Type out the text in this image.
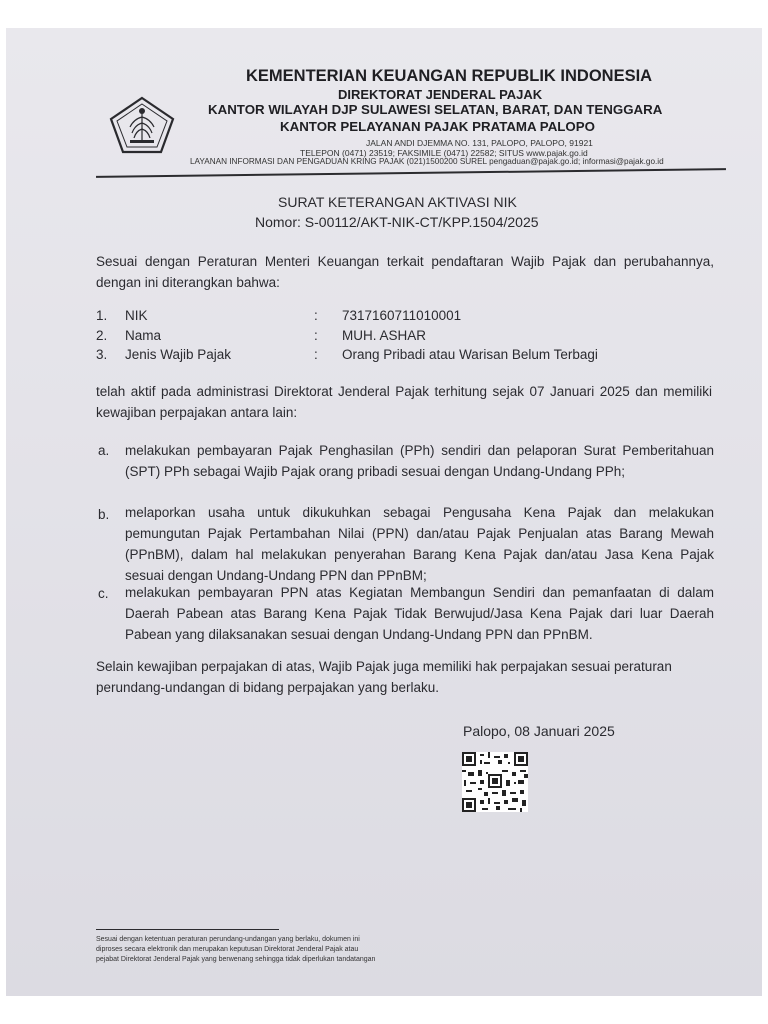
KEMENTERIAN KEUANGAN REPUBLIK INDONESIA
DIREKTORAT JENDERAL PAJAK
KANTOR WILAYAH DJP SULAWESI SELATAN, BARAT, DAN TENGGARA
KANTOR PELAYANAN PAJAK PRATAMA PALOPO
JALAN ANDI DJEMMA NO. 131, PALOPO, PALOPO, 91921
TELEPON (0471) 23519; FAKSIMILE (0471) 22582; SITUS www.pajak.go.id
LAYANAN INFORMASI DAN PENGADUAN KRING PAJAK (021)1500200 SUREL pengaduan@pajak.go.id; informasi@pajak.go.id
SURAT KETERANGAN AKTIVASI NIK
Nomor: S-00112/AKT-NIK-CT/KPP.1504/2025
Sesuai dengan Peraturan Menteri Keuangan terkait pendaftaran Wajib Pajak dan perubahannya, dengan ini diterangkan bahwa:
1. NIK	: 7317160711010001
2. Nama	: MUH. ASHAR
3. Jenis Wajib Pajak	: Orang Pribadi atau Warisan Belum Terbagi
telah aktif pada administrasi Direktorat Jenderal Pajak terhitung sejak 07 Januari 2025 dan memiliki kewajiban perpajakan antara lain:
a. melakukan pembayaran Pajak Penghasilan (PPh) sendiri dan pelaporan Surat Pemberitahuan (SPT) PPh sebagai Wajib Pajak orang pribadi sesuai dengan Undang-Undang PPh;
b. melaporkan usaha untuk dikukuhkan sebagai Pengusaha Kena Pajak dan melakukan pemungutan Pajak Pertambahan Nilai (PPN) dan/atau Pajak Penjualan atas Barang Mewah (PPnBM), dalam hal melakukan penyerahan Barang Kena Pajak dan/atau Jasa Kena Pajak sesuai dengan Undang-Undang PPN dan PPnBM;
c. melakukan pembayaran PPN atas Kegiatan Membangun Sendiri dan pemanfaatan di dalam Daerah Pabean atas Barang Kena Pajak Tidak Berwujud/Jasa Kena Pajak dari luar Daerah Pabean yang dilaksanakan sesuai dengan Undang-Undang PPN dan PPnBM.
Selain kewajiban perpajakan di atas, Wajib Pajak juga memiliki hak perpajakan sesuai peraturan perundang-undangan di bidang perpajakan yang berlaku.
Palopo, 08 Januari 2025
Sesuai dengan ketentuan peraturan perundang-undangan yang berlaku, dokumen ini
diproses secara elektronik dan merupakan keputusan Direktorat Jenderal Pajak atau
pejabat Direktorat Jenderal Pajak yang berwenang sehingga tidak diperlukan tandatangan
